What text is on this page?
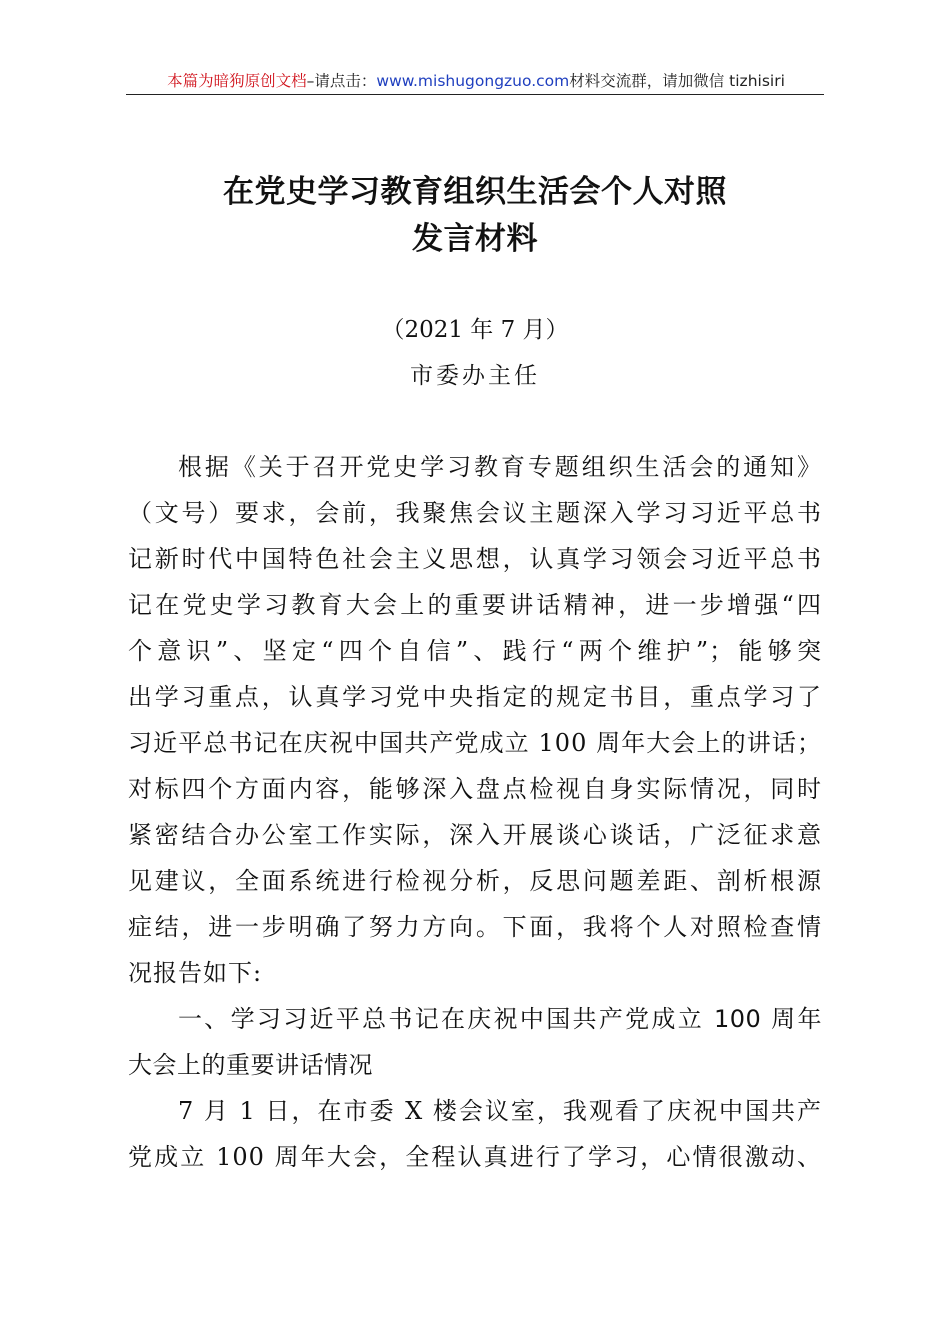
本篇为暗狗原创文档–请点击：www.mishugongzuo.com材料交流群，请加微信 tizhisiri
在党史学习教育组织生活会个人对照
发言材料
（2021 年 7 月）
市委办主任
根据《关于召开党史学习教育专题组织生活会的通知》
（文号）要求，会前，我聚焦会议主题深入学习习近平总书
记新时代中国特色社会主义思想，认真学习领会习近平总书
记在党史学习教育大会上的重要讲话精神，进一步增强“四
个意识”、坚定“四个自信”、践行“两个维护”；能够突
出学习重点，认真学习党中央指定的规定书目，重点学习了
习近平总书记在庆祝中国共产党成立 100 周年大会上的讲话；
对标四个方面内容，能够深入盘点检视自身实际情况，同时
紧密结合办公室工作实际，深入开展谈心谈话，广泛征求意
见建议，全面系统进行检视分析，反思问题差距、剖析根源
症结，进一步明确了努力方向。下面，我将个人对照检查情
况报告如下:
一、学习习近平总书记在庆祝中国共产党成立 100 周年
大会上的重要讲话情况
7 月 1 日，在市委 X 楼会议室，我观看了庆祝中国共产
党成立 100 周年大会，全程认真进行了学习，心情很激动、
